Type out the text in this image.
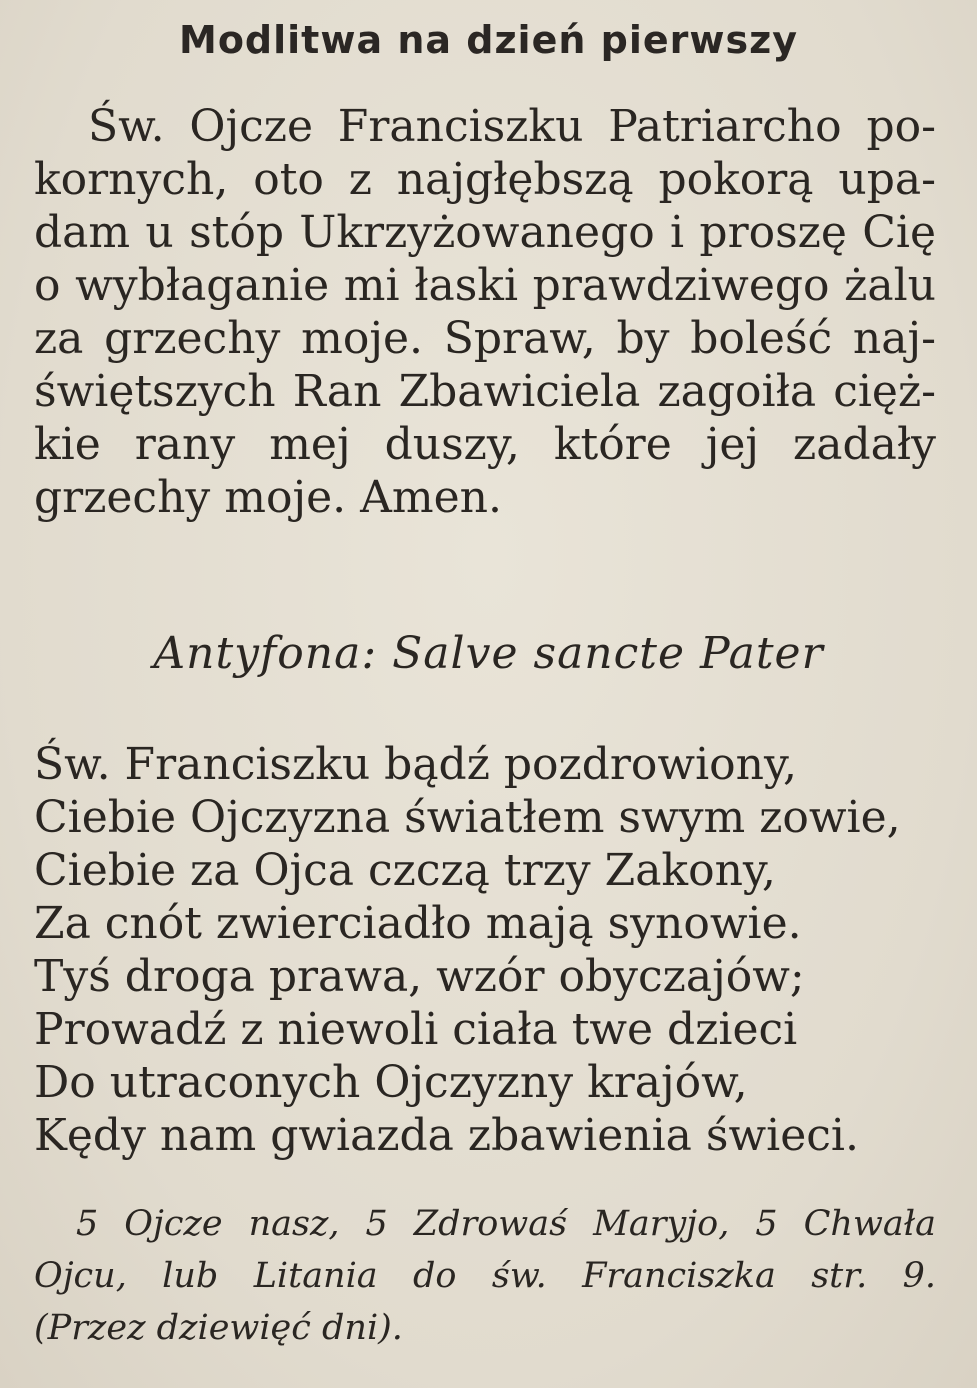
Modlitwa na dzień pierwszy
Św. Ojcze Franciszku Patriarcho po-
kornych, oto z najgłębszą pokorą upa-
dam u stóp Ukrzyżowanego i proszę Cię
o wybłaganie mi łaski prawdziwego żalu
za grzechy moje. Spraw, by boleść naj-
świętszych Ran Zbawiciela zagoiła cięż-
kie rany mej duszy, które jej zadały
grzechy moje. Amen.
Antyfona: Salve sancte Pater
Św. Franciszku bądź pozdrowiony,
Ciebie Ojczyzna światłem swym zowie,
Ciebie za Ojca czczą trzy Zakony,
Za cnót zwierciadło mają synowie.
Tyś droga prawa, wzór obyczajów;
Prowadź z niewoli ciała twe dzieci
Do utraconych Ojczyzny krajów,
Kędy nam gwiazda zbawienia świeci.
5 Ojcze nasz, 5 Zdrowaś Maryjo, 5 Chwała
Ojcu, lub Litania do św. Franciszka str. 9.
(Przez dziewięć dni).
